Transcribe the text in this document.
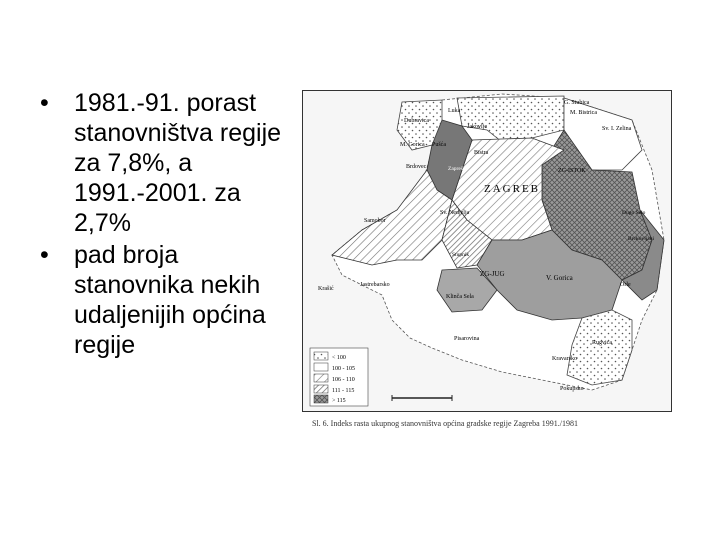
• 1981.-91. porast stanovništva regije za 7,8%, a 1991.-2001. za 2,7%
• pad broja stanovnika nekih udaljenijih općina regije
G. Stubica
M. Bistrica
Sv. I. Zelina
Luka
Dubravica
Jakovlje
M. Gorica Pušća
Bistra
Brdovec	Zaprešić
ZAGREB
ZG-ISTOK
Dugo Selo
Brckovljani
Samobor
Sv. Nedjelja
Stupnik
ZG-JUG	V. Gorica
Klinča Sela
Krašić
Jastrebarsko
Pisarovina
Kravarsko
Rugvica
Orle
Pokupsko
< 100
100 - 105
106 - 110
111 - 115
> 115
Sl. 6. Indeks rasta ukupnog stanovništva općina gradske regije Zagreba 1991./1981
